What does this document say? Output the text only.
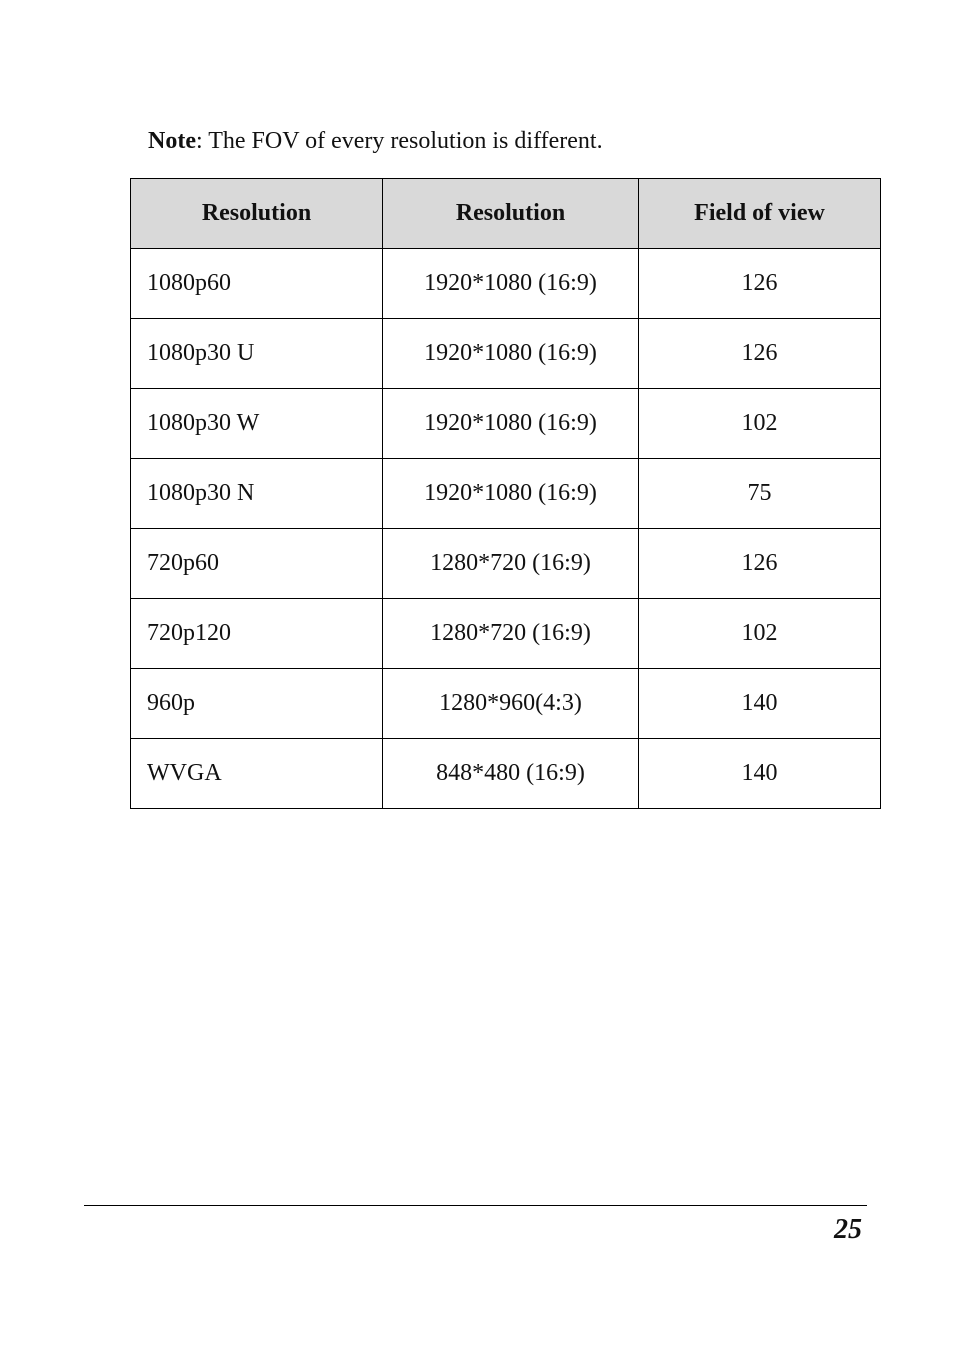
Note: The FOV of every resolution is different.
Resolution	Resolution	Field of view
1080p60	1920*1080 (16:9)	126
1080p30 U	1920*1080 (16:9)	126
1080p30 W	1920*1080 (16:9)	102
1080p30 N	1920*1080 (16:9)	75
720p60	1280*720 (16:9)	126
720p120	1280*720 (16:9)	102
960p	1280*960(4:3)	140
WVGA	848*480 (16:9)	140
25
